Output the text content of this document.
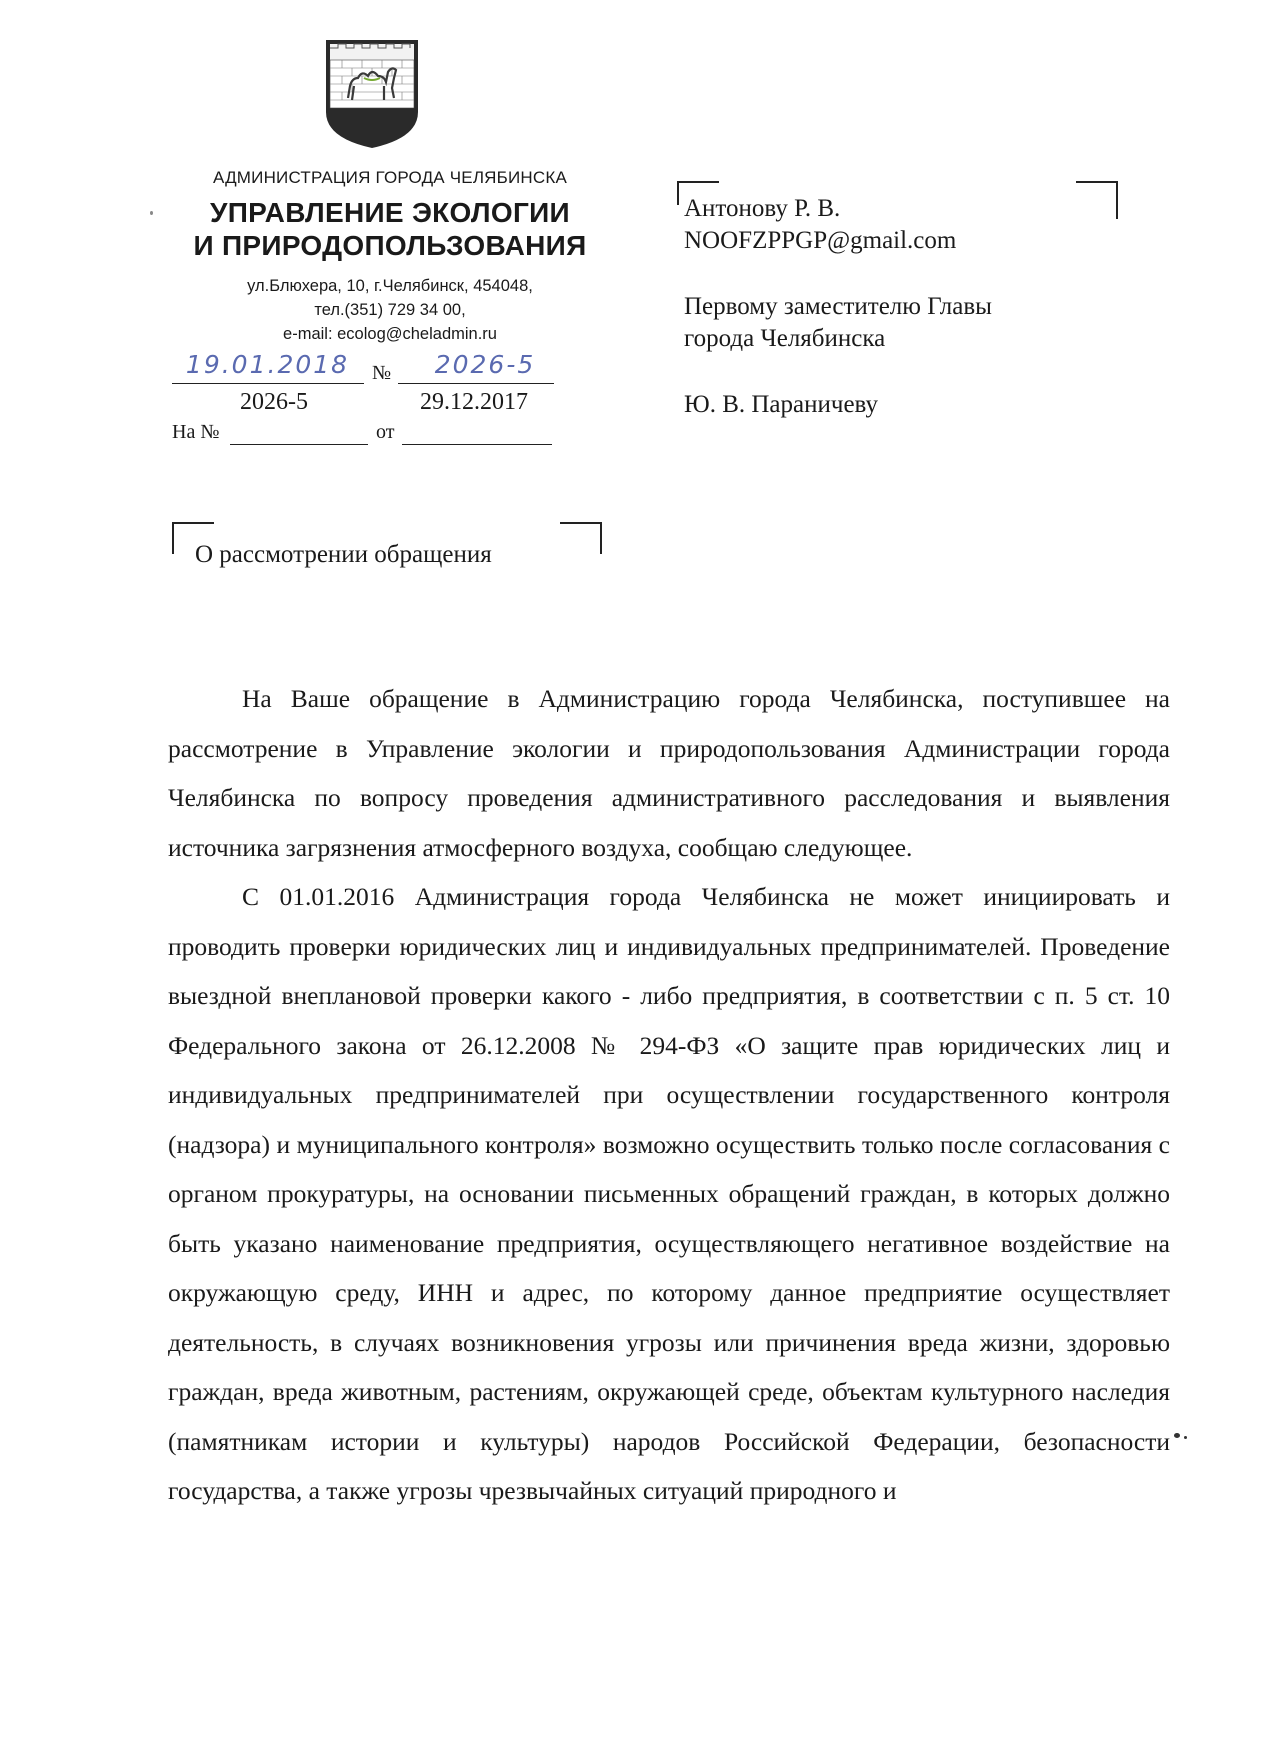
АДМИНИСТРАЦИЯ ГОРОДА ЧЕЛЯБИНСКА
УПРАВЛЕНИЕ ЭКОЛОГИИ
И ПРИРОДОПОЛЬЗОВАНИЯ
ул.Блюхера, 10, г.Челябинск, 454048,
тел.(351) 729 34 00,
e-mail: ecolog@cheladmin.ru
19.01.2018	№	2026-5
2026-5	29.12.2017
На №	от
Антонову Р. В.
NOOFZPPGP@gmail.com
Первому заместителю Главы
города Челябинска
Ю. В. Параничеву
О рассмотрении обращения

На Ваше обращение в Администрацию города Челябинска, поступившее на рассмотрение в Управление экологии и природопользования Администрации города Челябинска по вопросу проведения административного расследования и выявления источника загрязнения атмосферного воздуха, сообщаю следующее.

С 01.01.2016 Администрация города Челябинска не может инициировать и проводить проверки юридических лиц и индивидуальных предпринимателей. Проведение выездной внеплановой проверки какого - либо предприятия, в соответствии с п. 5 ст. 10 Федерального закона от 26.12.2008 № 294-ФЗ «О защите прав юридических лиц и индивидуальных предпринимателей при осуществлении государственного контроля (надзора) и муниципального контроля» возможно осуществить только после согласования с органом прокуратуры, на основании письменных обращений граждан, в которых должно быть указано наименование предприятия, осуществляющего негативное воздействие на окружающую среду, ИНН и адрес, по которому данное предприятие осуществляет деятельность, в случаях возникновения угрозы или причинения вреда жизни, здоровью граждан, вреда животным, растениям, окружающей среде, объектам культурного наследия (памятникам истории и культуры) народов Российской Федерации, безопасности государства, а также угрозы чрезвычайных ситуаций природного и
